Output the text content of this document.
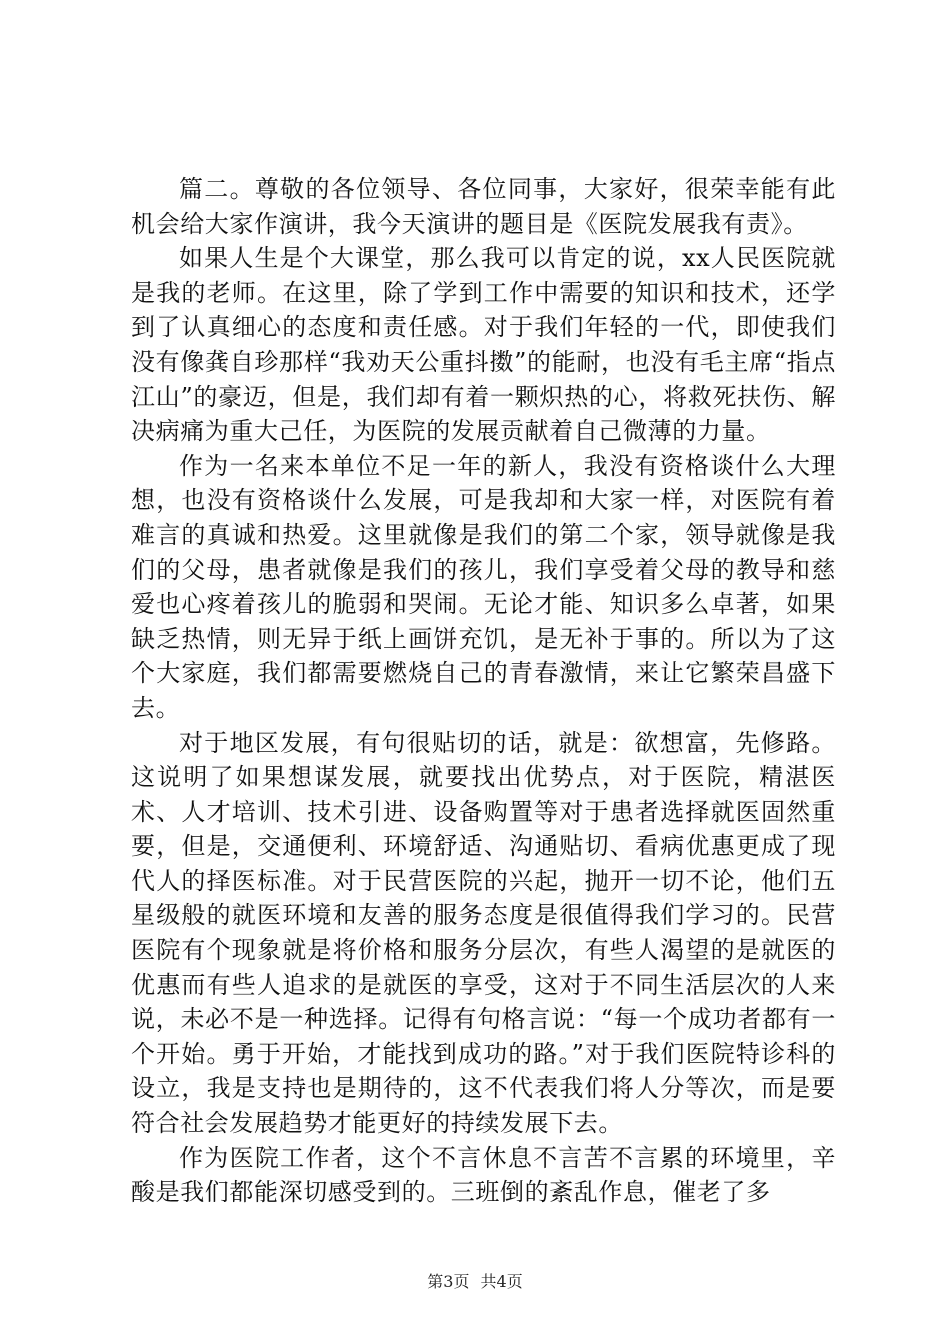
篇二。尊敬的各位领导、各位同事，大家好，很荣幸能有此机会给大家作演讲，我今天演讲的题目是《医院发展我有责》。

如果人生是个大课堂，那么我可以肯定的说，xx人民医院就是我的老师。在这里，除了学到工作中需要的知识和技术，还学到了认真细心的态度和责任感。对于我们年轻的一代，即使我们没有像龚自珍那样“我劝天公重抖擞”的能耐，也没有毛主席“指点江山”的豪迈，但是，我们却有着一颗炽热的心，将救死扶伤、解决病痛为重大己任，为医院的发展贡献着自己微薄的力量。

作为一名来本单位不足一年的新人，我没有资格谈什么大理想，也没有资格谈什么发展，可是我却和大家一样，对医院有着难言的真诚和热爱。这里就像是我们的第二个家，领导就像是我们的父母，患者就像是我们的孩儿，我们享受着父母的教导和慈爱也心疼着孩儿的脆弱和哭闹。无论才能、知识多么卓著，如果缺乏热情，则无异于纸上画饼充饥，是无补于事的。所以为了这个大家庭，我们都需要燃烧自己的青春激情，来让它繁荣昌盛下去。

对于地区发展，有句很贴切的话，就是：欲想富，先修路。这说明了如果想谋发展，就要找出优势点，对于医院，精湛医术、人才培训、技术引进、设备购置等对于患者选择就医固然重要，但是，交通便利、环境舒适、沟通贴切、看病优惠更成了现代人的择医标准。对于民营医院的兴起，抛开一切不论，他们五星级般的就医环境和友善的服务态度是很值得我们学习的。民营医院有个现象就是将价格和服务分层次，有些人渴望的是就医的优惠而有些人追求的是就医的享受，这对于不同生活层次的人来说，未必不是一种选择。记得有句格言说：“每一个成功者都有一个开始。勇于开始，才能找到成功的路。”对于我们医院特诊科的设立，我是支持也是期待的，这不代表我们将人分等次，而是要符合社会发展趋势才能更好的持续发展下去。

作为医院工作者，这个不言休息不言苦不言累的环境里，辛酸是我们都能深切感受到的。三班倒的紊乱作息，催老了多

第3页 共4页
